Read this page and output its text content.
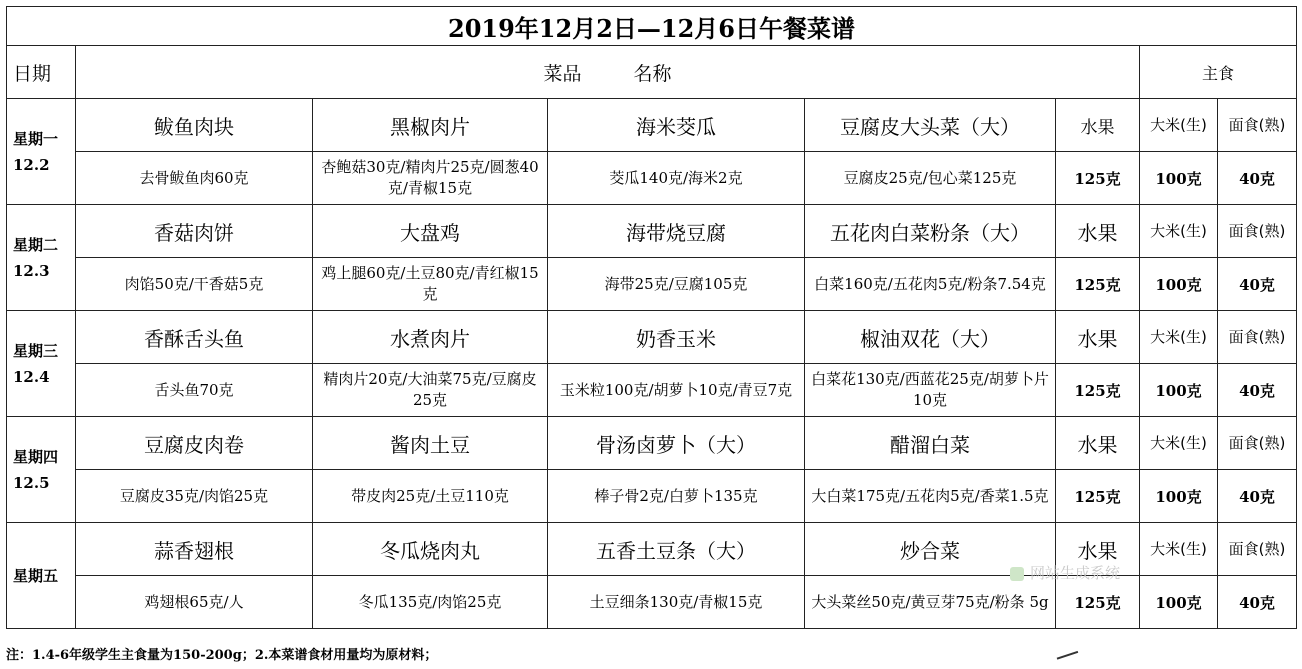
2019年12月2日—12月6日午餐菜谱							
日期	菜品 名称					主食	

星期一
12.2	鲅鱼肉块	黑椒肉片	海米茭瓜	豆腐皮大头菜（大）	水果	大米(生)	面食(熟)
	去骨鲅鱼肉60克	杏鲍菇30克/精肉片25克/圆葱40克/青椒15克	茭瓜140克/海米2克	豆腐皮25克/包心菜125克	125克	100克	40克

星期二
12.3	香菇肉饼	大盘鸡	海带烧豆腐	五花肉白菜粉条（大）	水果	大米(生)	面食(熟)
	肉馅50克/干香菇5克	鸡上腿60克/土豆80克/青红椒15克	海带25克/豆腐105克	白菜160克/五花肉5克/粉条7.54克	125克	100克	40克

星期三
12.4	香酥舌头鱼	水煮肉片	奶香玉米	椒油双花（大）	水果	大米(生)	面食(熟)
	舌头鱼70克	精肉片20克/大油菜75克/豆腐皮25克	玉米粒100克/胡萝卜10克/青豆7克	白菜花130克/西蓝花25克/胡萝卜片10克	125克	100克	40克

星期四
12.5	豆腐皮肉卷	酱肉土豆	骨汤卤萝卜（大）	醋溜白菜	水果	大米(生)	面食(熟)
	豆腐皮35克/肉馅25克	带皮肉25克/土豆110克	棒子骨2克/白萝卜135克	大白菜175克/五花肉5克/香菜1.5克	125克	100克	40克

星期五	蒜香翅根	冬瓜烧肉丸	五香土豆条（大）	炒合菜	水果	大米(生)	面食(熟)
	鸡翅根65克/人	冬瓜135克/肉馅25克	土豆细条130克/青椒15克	大头菜丝50克/黄豆芽75克/粉条 5g	125克	100克	40克
注：1.4-6年级学生主食量为150-200g；2.本菜谱食材用量均为原材料；
网站生成系统
